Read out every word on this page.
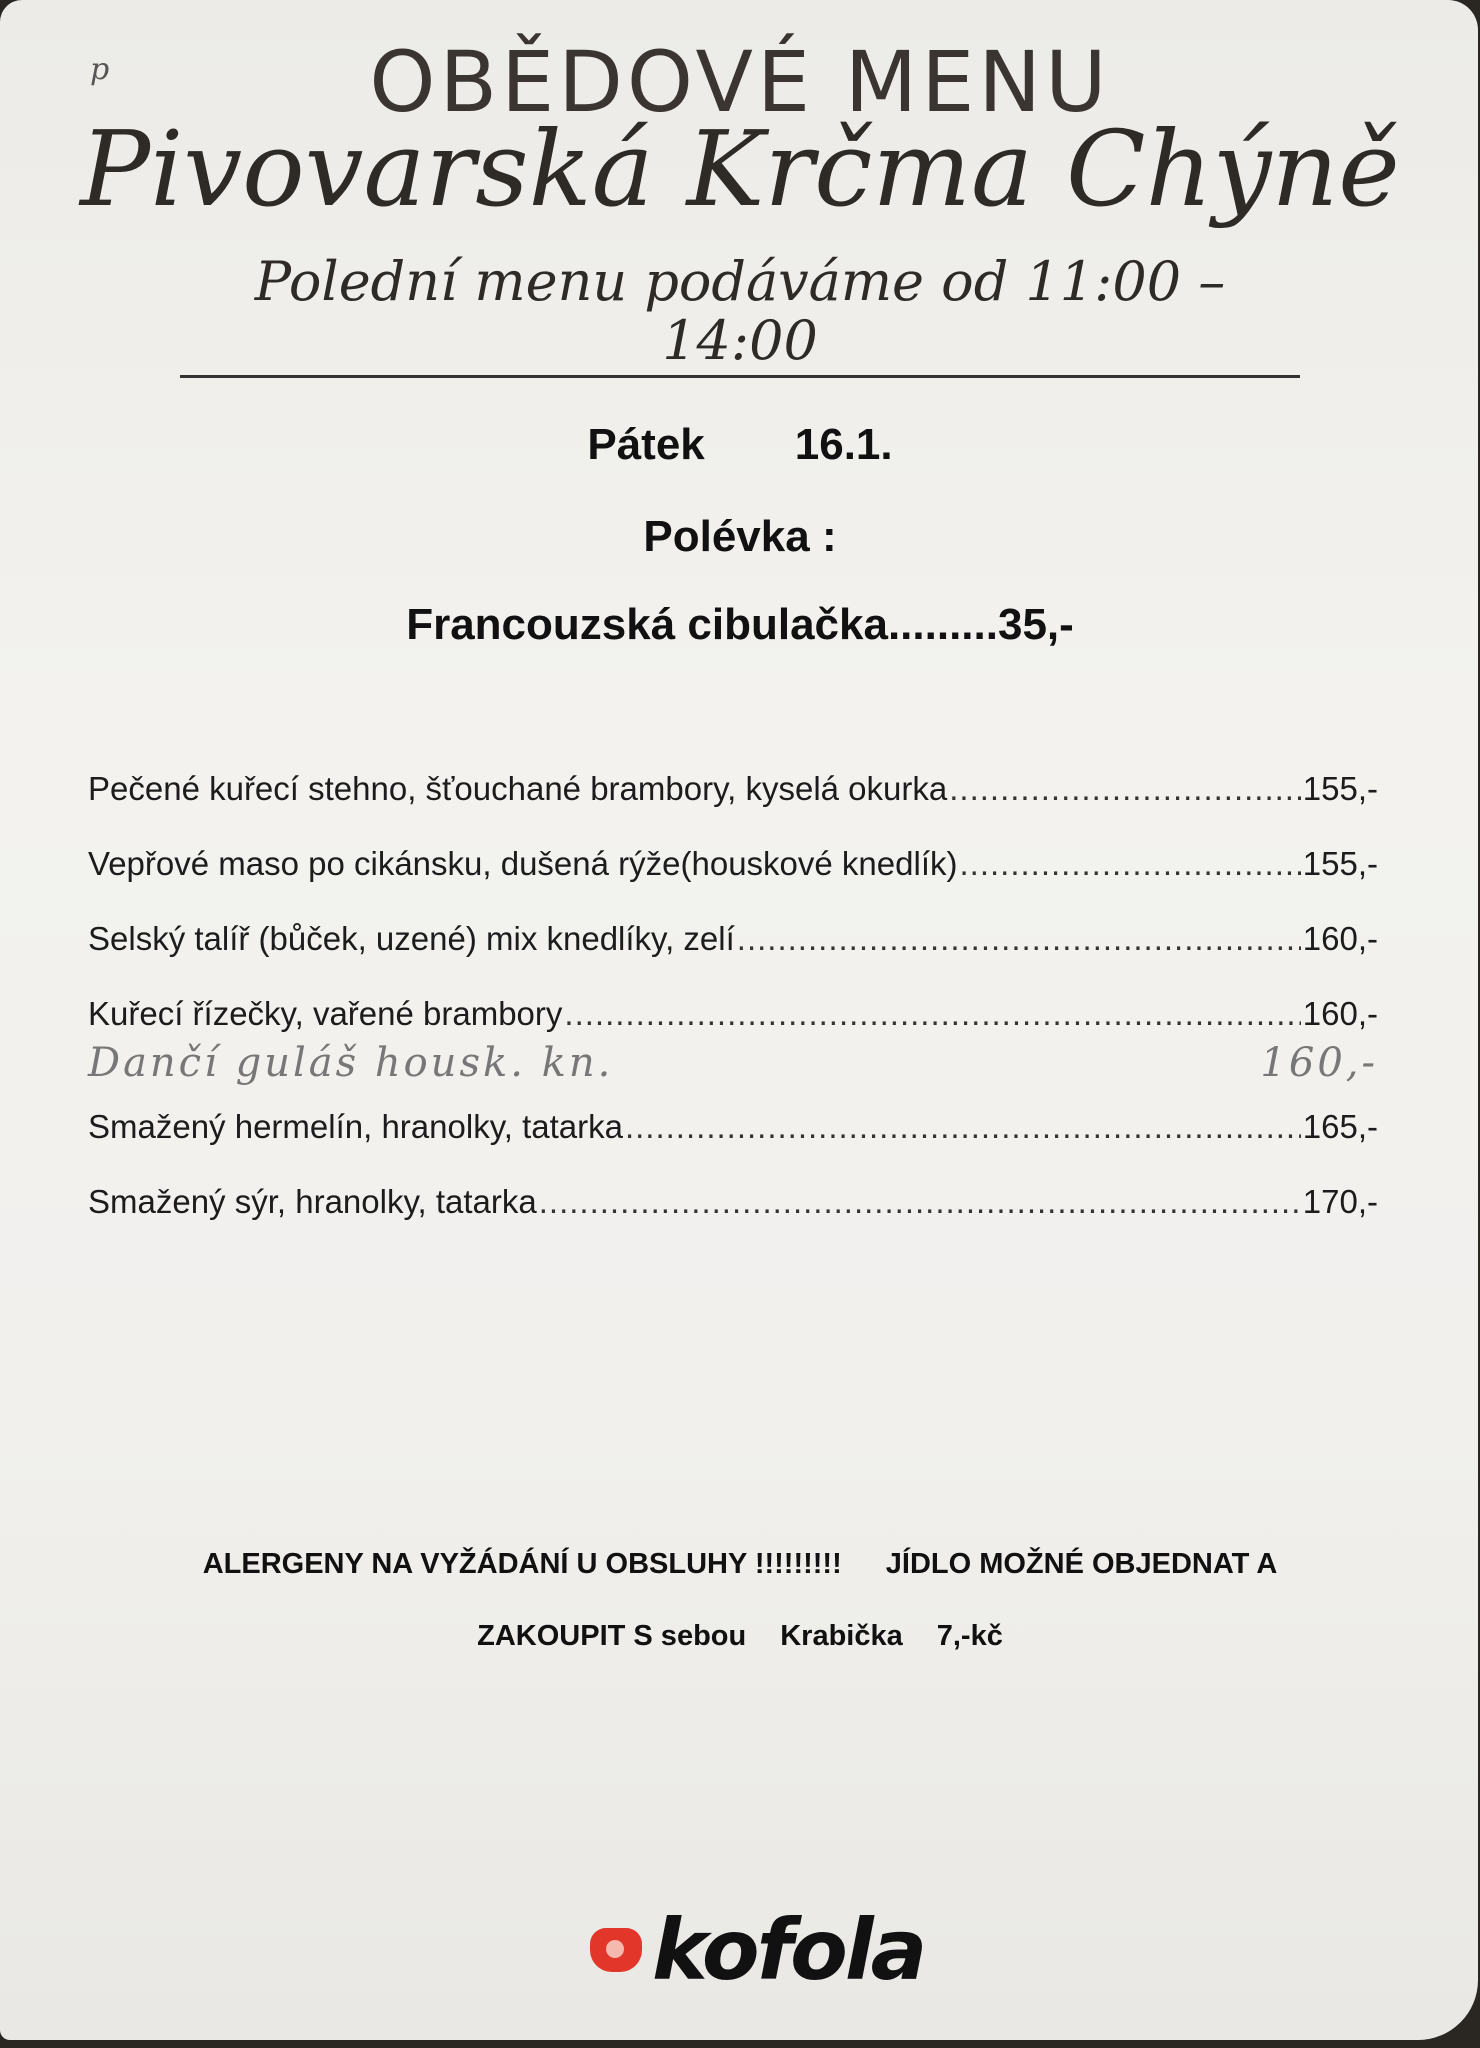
p	OBĚDOVÉ MENU
Pivovarská Krčma Chýně
Polední menu podáváme od 11:00 – 14:00
Pátek 16.1.
Polévka :
Francouzská cibulačka.........35,-
Pečené kuřecí stehno, šťouchané brambory, kyselá okurka .....	155,-
Vepřové maso po cikánsku, dušená rýže(houskové knedlík) .....	155,-
Selský talíř (bůček, uzené) mix knedlíky, zelí .....	160,-
Kuřecí řízečky, vařené brambory .....	160,-
Smažený hermelín, hranolky, tatarka .....	165,-
Smažený sýr, hranolky, tatarka .....	170,-
Dančí guláš housk. kn.	160,-
ALERGENY NA VYŽÁDÁNÍ U OBSLUHY !!!!!!!!! JÍDLO MOŽNÉ OBJEDNAT A
ZAKOUPIT S sebou Krabička 7,-kč
kofola
